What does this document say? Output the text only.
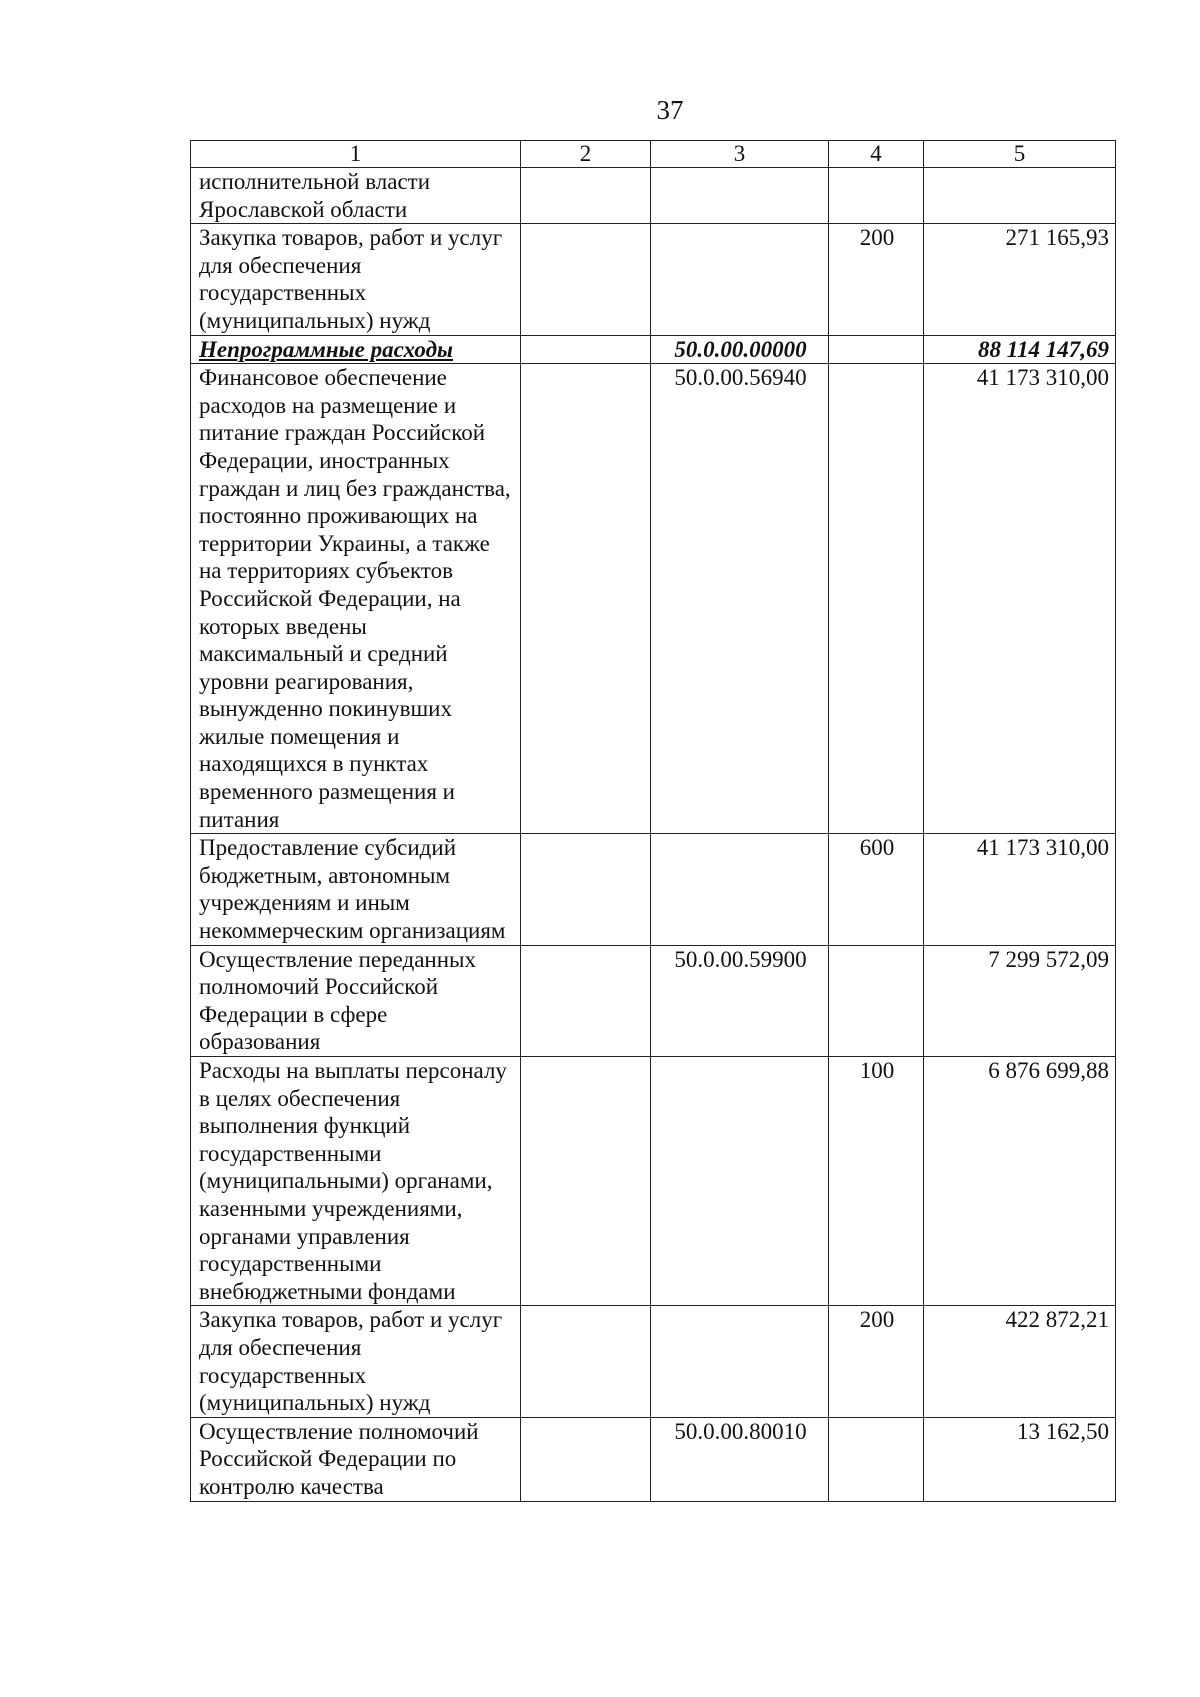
37
1	2	3	4	5
исполнительной власти Ярославской области				
Закупка товаров, работ и услуг для обеспечения государственных (муниципальных) нужд			200	271 165,93
Непрограммные расходы		50.0.00.00000		88 114 147,69
Финансовое обеспечение расходов на размещение и питание граждан Российской Федерации, иностранных граждан и лиц без гражданства, постоянно проживающих на территории Украины, а также на территориях субъектов Российской Федерации, на которых введены максимальный и средний уровни реагирования, вынужденно покинувших жилые помещения и находящихся в пунктах временного размещения и питания		50.0.00.56940		41 173 310,00
Предоставление субсидий бюджетным, автономным учреждениям и иным некоммерческим организациям			600	41 173 310,00
Осуществление переданных полномочий Российской Федерации в сфере образования		50.0.00.59900		7 299 572,09
Расходы на выплаты персоналу в целях обеспечения выполнения функций государственными (муниципальными) органами, казенными учреждениями, органами управления государственными внебюджетными фондами			100	6 876 699,88
Закупка товаров, работ и услуг для обеспечения государственных (муниципальных) нужд			200	422 872,21
Осуществление полномочий Российской Федерации по контролю качества		50.0.00.80010		13 162,50
